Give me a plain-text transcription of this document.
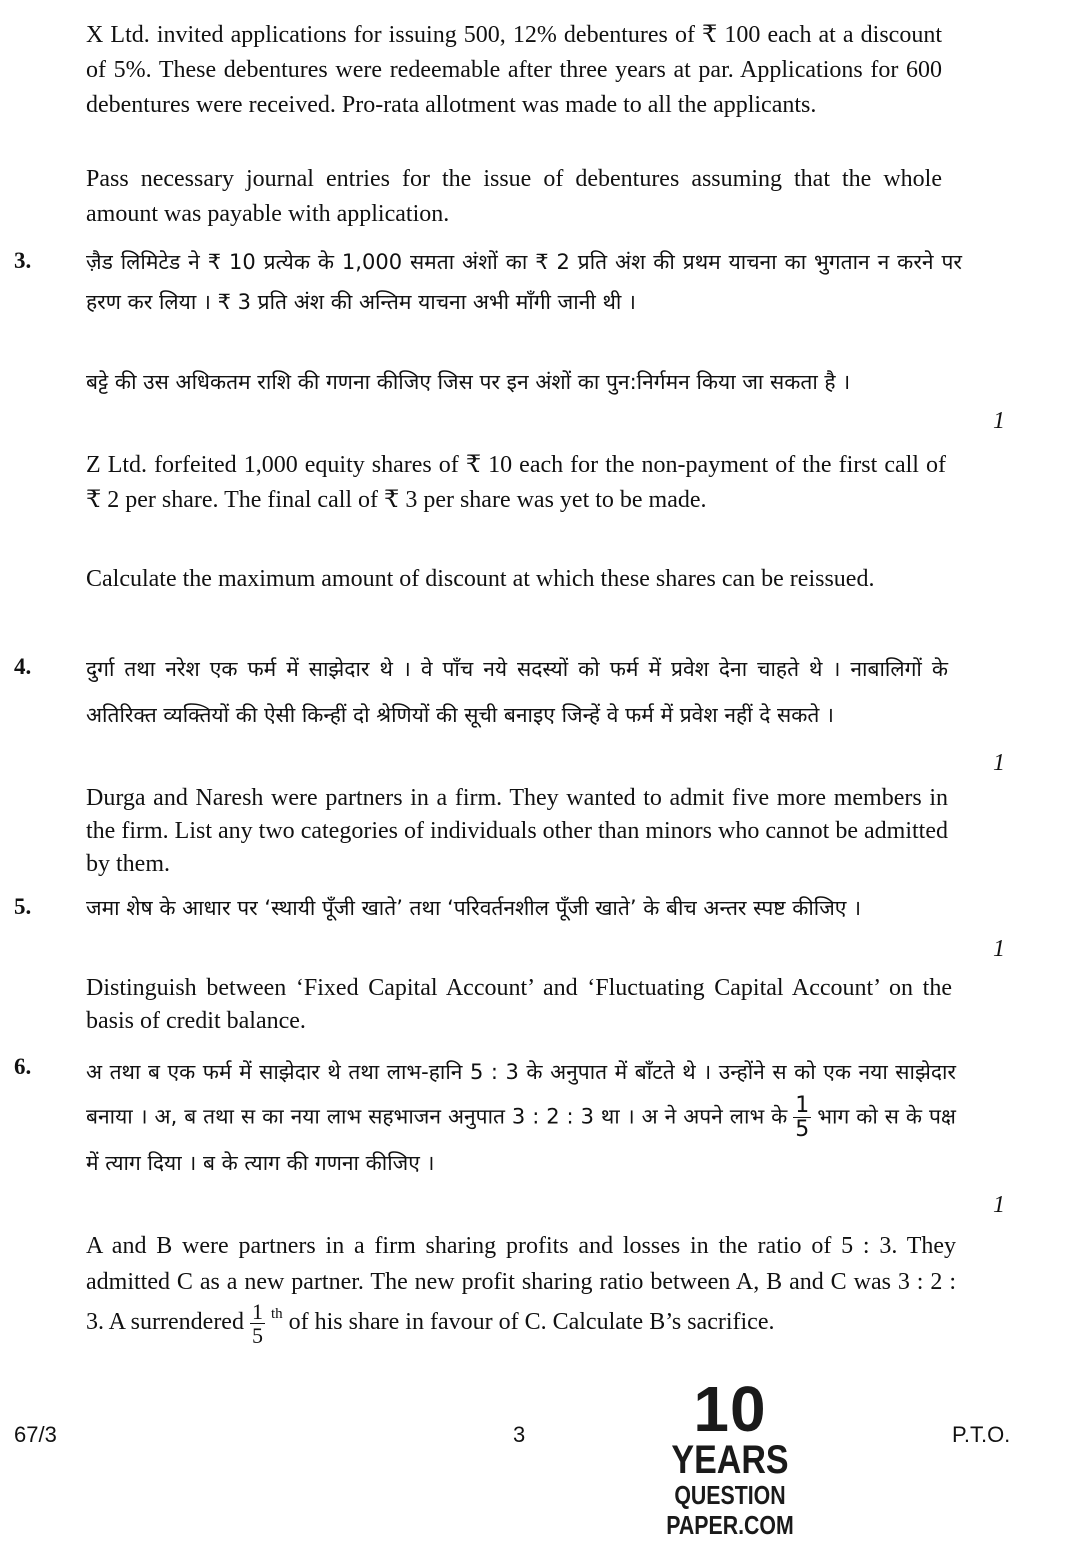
X Ltd. invited applications for issuing 500, 12% debentures of ₹ 100 each at a discount of 5%. These debentures were redeemable after three years at par. Applications for 600 debentures were received. Pro-rata allotment was made to all the applicants.

Pass necessary journal entries for the issue of debentures assuming that the whole amount was payable with application.

3.	ज़ैड लिमिटेड ने ₹ 10 प्रत्येक के 1,000 समता अंशों का ₹ 2 प्रति अंश की प्रथम याचना का भुगतान न करने पर हरण कर लिया । ₹ 3 प्रति अंश की अन्तिम याचना अभी माँगी जानी थी ।

बट्टे की उस अधिकतम राशि की गणना कीजिए जिस पर इन अंशों का पुन:निर्गमन किया जा सकता है ।

1

Z Ltd. forfeited 1,000 equity shares of ₹ 10 each for the non-payment of the first call of ₹ 2 per share. The final call of ₹ 3 per share was yet to be made.

Calculate the maximum amount of discount at which these shares can be reissued.

4.	दुर्गा तथा नरेश एक फर्म में साझेदार थे । वे पाँच नये सदस्यों को फर्म में प्रवेश देना चाहते थे । नाबालिगों के अतिरिक्त व्यक्तियों की ऐसी किन्हीं दो श्रेणियों की सूची बनाइए जिन्हें वे फर्म में प्रवेश नहीं दे सकते ।

1

Durga and Naresh were partners in a firm. They wanted to admit five more members in the firm. List any two categories of individuals other than minors who cannot be admitted by them.

5.	जमा शेष के आधार पर ‘स्थायी पूँजी खाते’ तथा ‘परिवर्तनशील पूँजी खाते’ के बीच अन्तर स्पष्ट कीजिए ।

1

Distinguish between ‘Fixed Capital Account’ and ‘Fluctuating Capital Account’ on the basis of credit balance.

6.	अ तथा ब एक फर्म में साझेदार थे तथा लाभ-हानि 5 : 3 के अनुपात में बाँटते थे । उन्होंने स को एक नया साझेदार बनाया । अ, ब तथा स का नया लाभ सहभाजन अनुपात 3 : 2 : 3 था । अ ने अपने लाभ के $\frac{1}{5}$ भाग को स के पक्ष में त्याग दिया । ब के त्याग की गणना कीजिए ।

1

A and B were partners in a firm sharing profits and losses in the ratio of 5 : 3. They admitted C as a new partner. The new profit sharing ratio between A, B and C was 3 : 2 : 3. A surrendered $\frac{1}{5} ^{th}$ of his share in favour of C. Calculate B’s sacrifice.

67/3	3	P.T.O.
10
YEARS
QUESTION PAPER.COM
